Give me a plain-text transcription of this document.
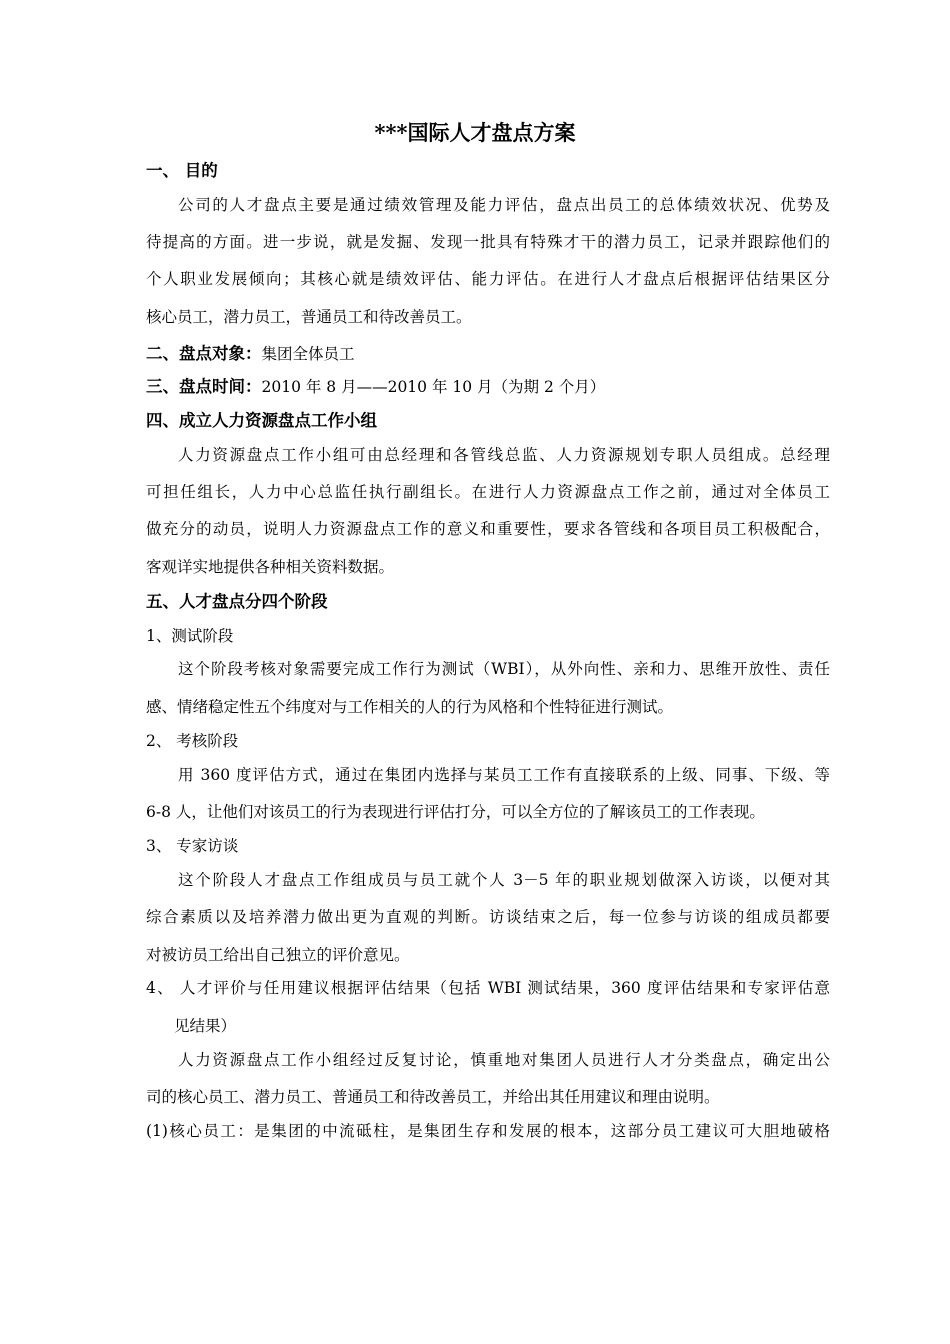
***国际人才盘点方案
一、 目的
公司的人才盘点主要是通过绩效管理及能力评估，盘点出员工的总体绩效状况、优势及
待提高的方面。进一步说，就是发掘、发现一批具有特殊才干的潜力员工，记录并跟踪他们的
个人职业发展倾向；其核心就是绩效评估、能力评估。在进行人才盘点后根据评估结果区分
核心员工，潜力员工，普通员工和待改善员工。
二、盘点对象：集团全体员工
三、盘点时间：2010 年 8 月——2010 年 10 月（为期 2 个月）
四、成立人力资源盘点工作小组
人力资源盘点工作小组可由总经理和各管线总监、人力资源规划专职人员组成。总经理
可担任组长，人力中心总监任执行副组长。在进行人力资源盘点工作之前，通过对全体员工
做充分的动员，说明人力资源盘点工作的意义和重要性，要求各管线和各项目员工积极配合，
客观详实地提供各种相关资料数据。
五、人才盘点分四个阶段
1、测试阶段
这个阶段考核对象需要完成工作行为测试（WBI），从外向性、亲和力、思维开放性、责任
感、情绪稳定性五个纬度对与工作相关的人的行为风格和个性特征进行测试。
2、 考核阶段
用 360 度评估方式，通过在集团内选择与某员工工作有直接联系的上级、同事、下级、等
6-8 人，让他们对该员工的行为表现进行评估打分，可以全方位的了解该员工的工作表现。
3、 专家访谈
这个阶段人才盘点工作组成员与员工就个人 3－5 年的职业规划做深入访谈，以便对其
综合素质以及培养潜力做出更为直观的判断。访谈结束之后，每一位参与访谈的组成员都要
对被访员工给出自己独立的评价意见。
4、 人才评价与任用建议根据评估结果（包括 WBI 测试结果，360 度评估结果和专家评估意
见结果）
人力资源盘点工作小组经过反复讨论，慎重地对集团人员进行人才分类盘点，确定出公
司的核心员工、潜力员工、普通员工和待改善员工，并给出其任用建议和理由说明。
(1)核心员工：是集团的中流砥柱，是集团生存和发展的根本，这部分员工建议可大胆地破格
